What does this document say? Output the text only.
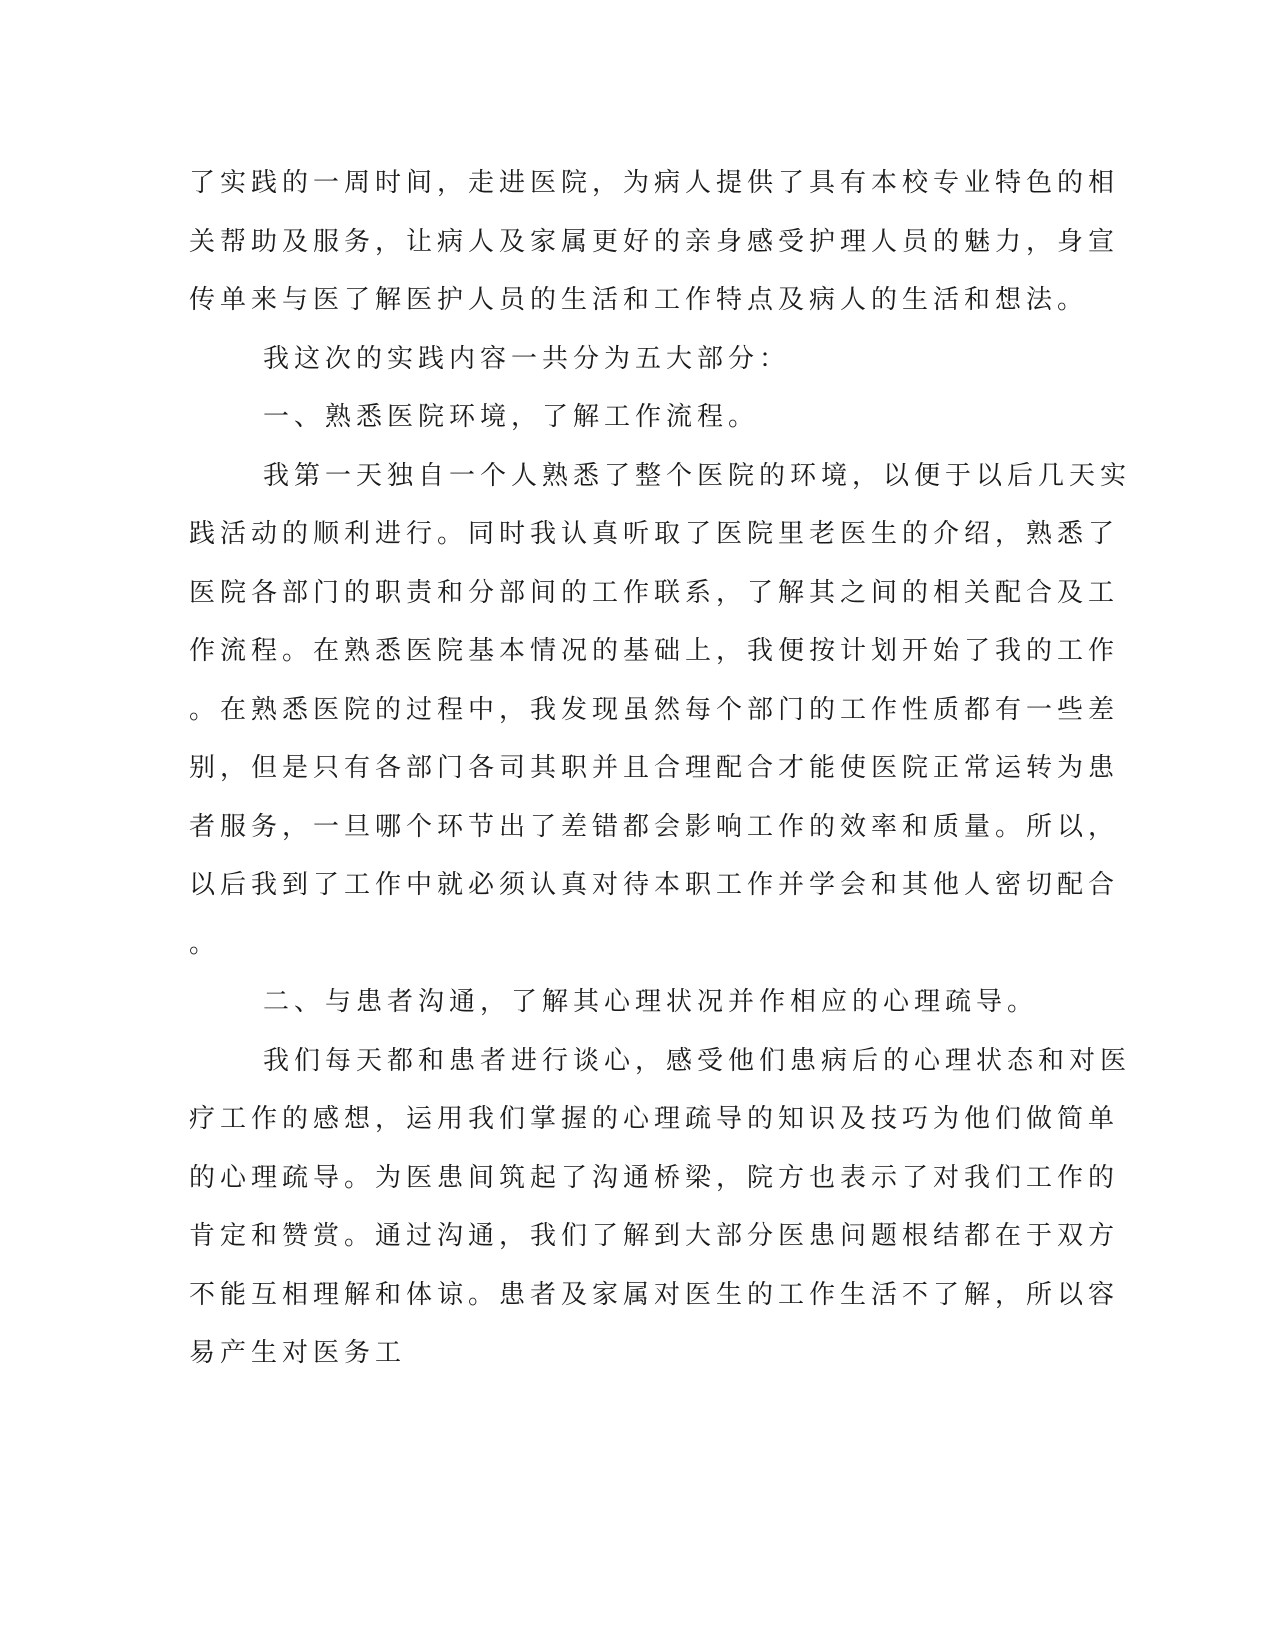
了实践的一周时间，走进医院，为病人提供了具有本校专业特色的相
关帮助及服务，让病人及家属更好的亲身感受护理人员的魅力，身宣
传单来与医了解医护人员的生活和工作特点及病人的生活和想法。
我这次的实践内容一共分为五大部分：
一、熟悉医院环境，了解工作流程。
我第一天独自一个人熟悉了整个医院的环境，以便于以后几天实
践活动的顺利进行。同时我认真听取了医院里老医生的介绍，熟悉了
医院各部门的职责和分部间的工作联系，了解其之间的相关配合及工
作流程。在熟悉医院基本情况的基础上，我便按计划开始了我的工作
。在熟悉医院的过程中，我发现虽然每个部门的工作性质都有一些差
别，但是只有各部门各司其职并且合理配合才能使医院正常运转为患
者服务，一旦哪个环节出了差错都会影响工作的效率和质量。所以，
以后我到了工作中就必须认真对待本职工作并学会和其他人密切配合
。
二、与患者沟通，了解其心理状况并作相应的心理疏导。
我们每天都和患者进行谈心，感受他们患病后的心理状态和对医
疗工作的感想，运用我们掌握的心理疏导的知识及技巧为他们做简单
的心理疏导。为医患间筑起了沟通桥梁，院方也表示了对我们工作的
肯定和赞赏。通过沟通，我们了解到大部分医患问题根结都在于双方
不能互相理解和体谅。患者及家属对医生的工作生活不了解，所以容
易产生对医务工
